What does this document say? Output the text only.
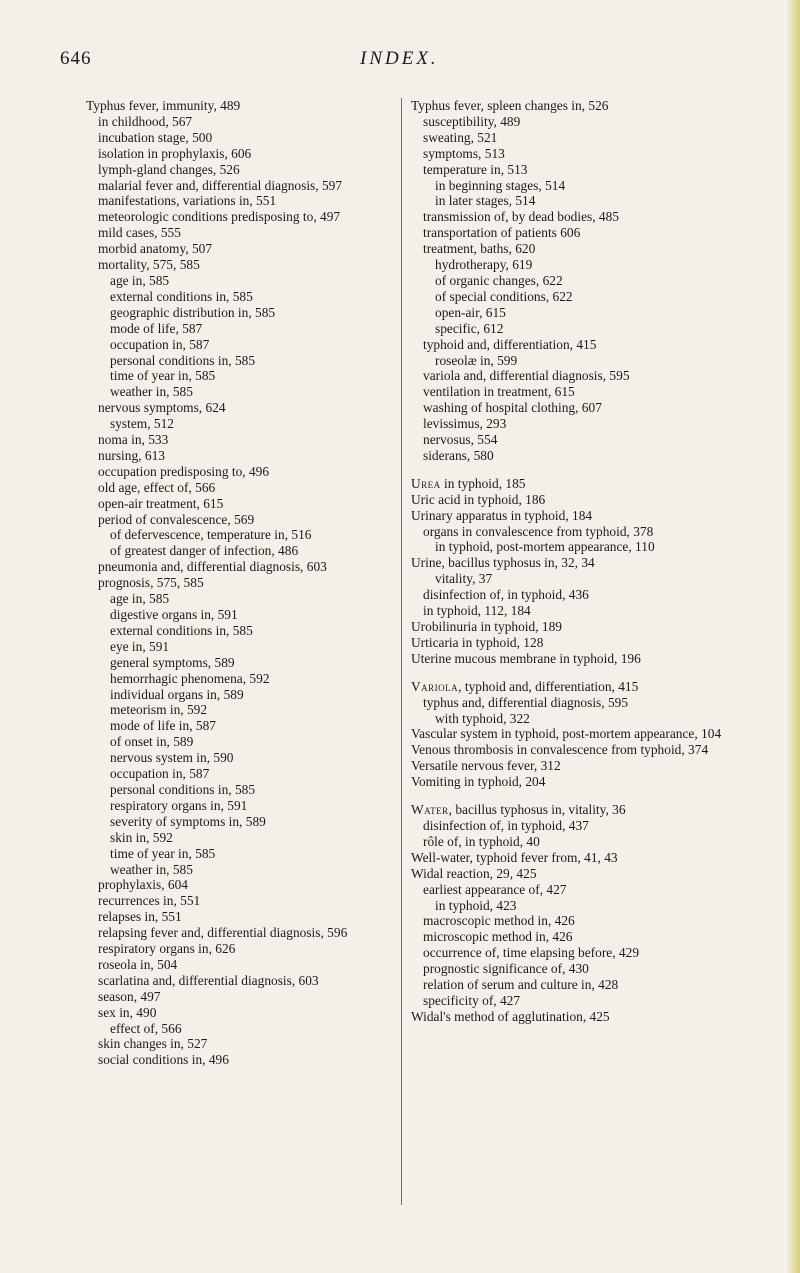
646	INDEX.
Typhus fever, immunity, 489
in childhood, 567
incubation stage, 500
isolation in prophylaxis, 606
lymph-gland changes, 526
malarial fever and, differential diagnosis, 597
manifestations, variations in, 551
meteorologic conditions predisposing to, 497
mild cases, 555
morbid anatomy, 507
mortality, 575, 585
age in, 585
external conditions in, 585
geographic distribution in, 585
mode of life, 587
occupation in, 587
personal conditions in, 585
time of year in, 585
weather in, 585
nervous symptoms, 624
system, 512
noma in, 533
nursing, 613
occupation predisposing to, 496
old age, effect of, 566
open-air treatment, 615
period of convalescence, 569
of defervescence, temperature in, 516
of greatest danger of infection, 486
pneumonia and, differential diagnosis, 603
prognosis, 575, 585
age in, 585
digestive organs in, 591
external conditions in, 585
eye in, 591
general symptoms, 589
hemorrhagic phenomena, 592
individual organs in, 589
meteorism in, 592
mode of life in, 587
of onset in, 589
nervous system in, 590
occupation in, 587
personal conditions in, 585
respiratory organs in, 591
severity of symptoms in, 589
skin in, 592
time of year in, 585
weather in, 585
prophylaxis, 604
recurrences in, 551
relapses in, 551
relapsing fever and, differential diagnosis, 596
respiratory organs in, 626
roseola in, 504
scarlatina and, differential diagnosis, 603
season, 497
sex in, 490
effect of, 566
skin changes in, 527
social conditions in, 496
Typhus fever, spleen changes in, 526
susceptibility, 489
sweating, 521
symptoms, 513
temperature in, 513
in beginning stages, 514
in later stages, 514
transmission of, by dead bodies, 485
transportation of patients 606
treatment, baths, 620
hydrotherapy, 619
of organic changes, 622
of special conditions, 622
open-air, 615
specific, 612
typhoid and, differentiation, 415
roseolæ in, 599
variola and, differential diagnosis, 595
ventilation in treatment, 615
washing of hospital clothing, 607
levissimus, 293
nervosus, 554
siderans, 580
Urea in typhoid, 185
Uric acid in typhoid, 186
Urinary apparatus in typhoid, 184
organs in convalescence from typhoid, 378
in typhoid, post-mortem appearance, 110
Urine, bacillus typhosus in, 32, 34
vitality, 37
disinfection of, in typhoid, 436
in typhoid, 112, 184
Urobilinuria in typhoid, 189
Urticaria in typhoid, 128
Uterine mucous membrane in typhoid, 196
Variola, typhoid and, differentiation, 415
typhus and, differential diagnosis, 595
with typhoid, 322
Vascular system in typhoid, post-mortem appearance, 104
Venous thrombosis in convalescence from typhoid, 374
Versatile nervous fever, 312
Vomiting in typhoid, 204
Water, bacillus typhosus in, vitality, 36
disinfection of, in typhoid, 437
rôle of, in typhoid, 40
Well-water, typhoid fever from, 41, 43
Widal reaction, 29, 425
earliest appearance of, 427
in typhoid, 423
macroscopic method in, 426
microscopic method in, 426
occurrence of, time elapsing before, 429
prognostic significance of, 430
relation of serum and culture in, 428
specificity of, 427
Widal's method of agglutination, 425
